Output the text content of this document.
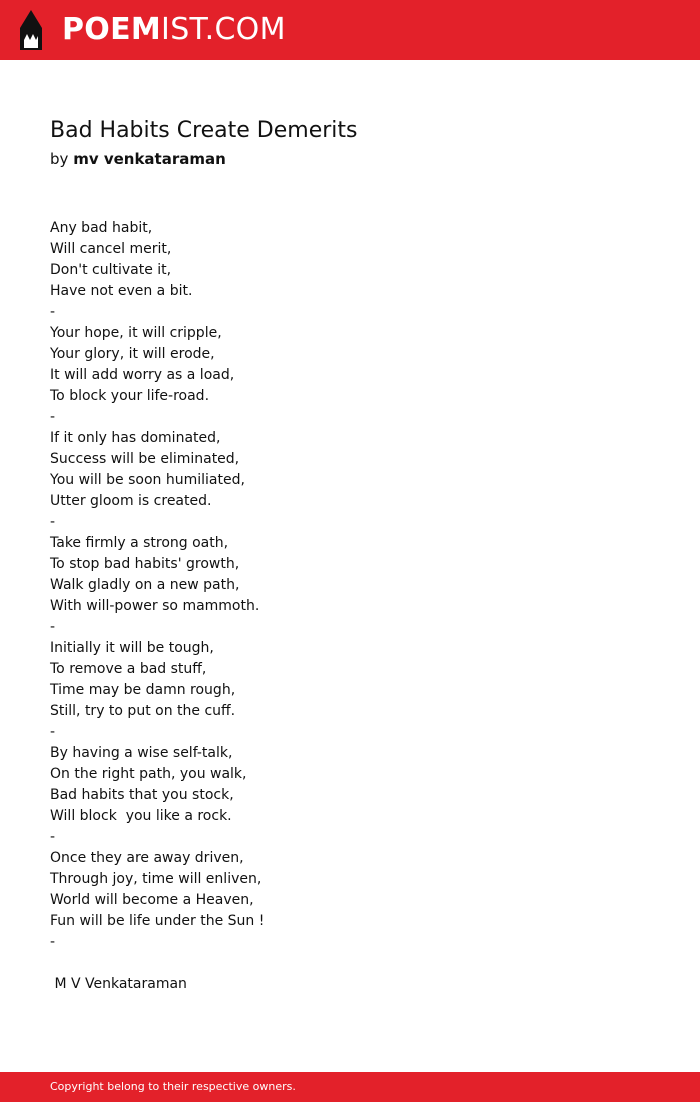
POEMIST.COM
Bad Habits Create Demerits
by mv venkataraman
Any bad habit,
Will cancel merit,
Don't cultivate it,
Have not even a bit.
-
Your hope, it will cripple,
Your glory, it will erode,
It will add worry as a load,
To block your life-road.
-
If it only has dominated,
Success will be eliminated,
You will be soon humiliated,
Utter gloom is created.
-
Take firmly a strong oath,
To stop bad habits' growth,
Walk gladly on a new path,
With will-power so mammoth.
-
Initially it will be tough,
To remove a bad stuff,
Time may be damn rough,
Still, try to put on the cuff.
-
By having a wise self-talk,
On the right path, you walk,
Bad habits that you stock,
Will block  you like a rock.
-
Once they are away driven,
Through joy, time will enliven,
World will become a Heaven,
Fun will be life under the Sun !
-
M V Venkataraman
Copyright belong to their respective owners.
